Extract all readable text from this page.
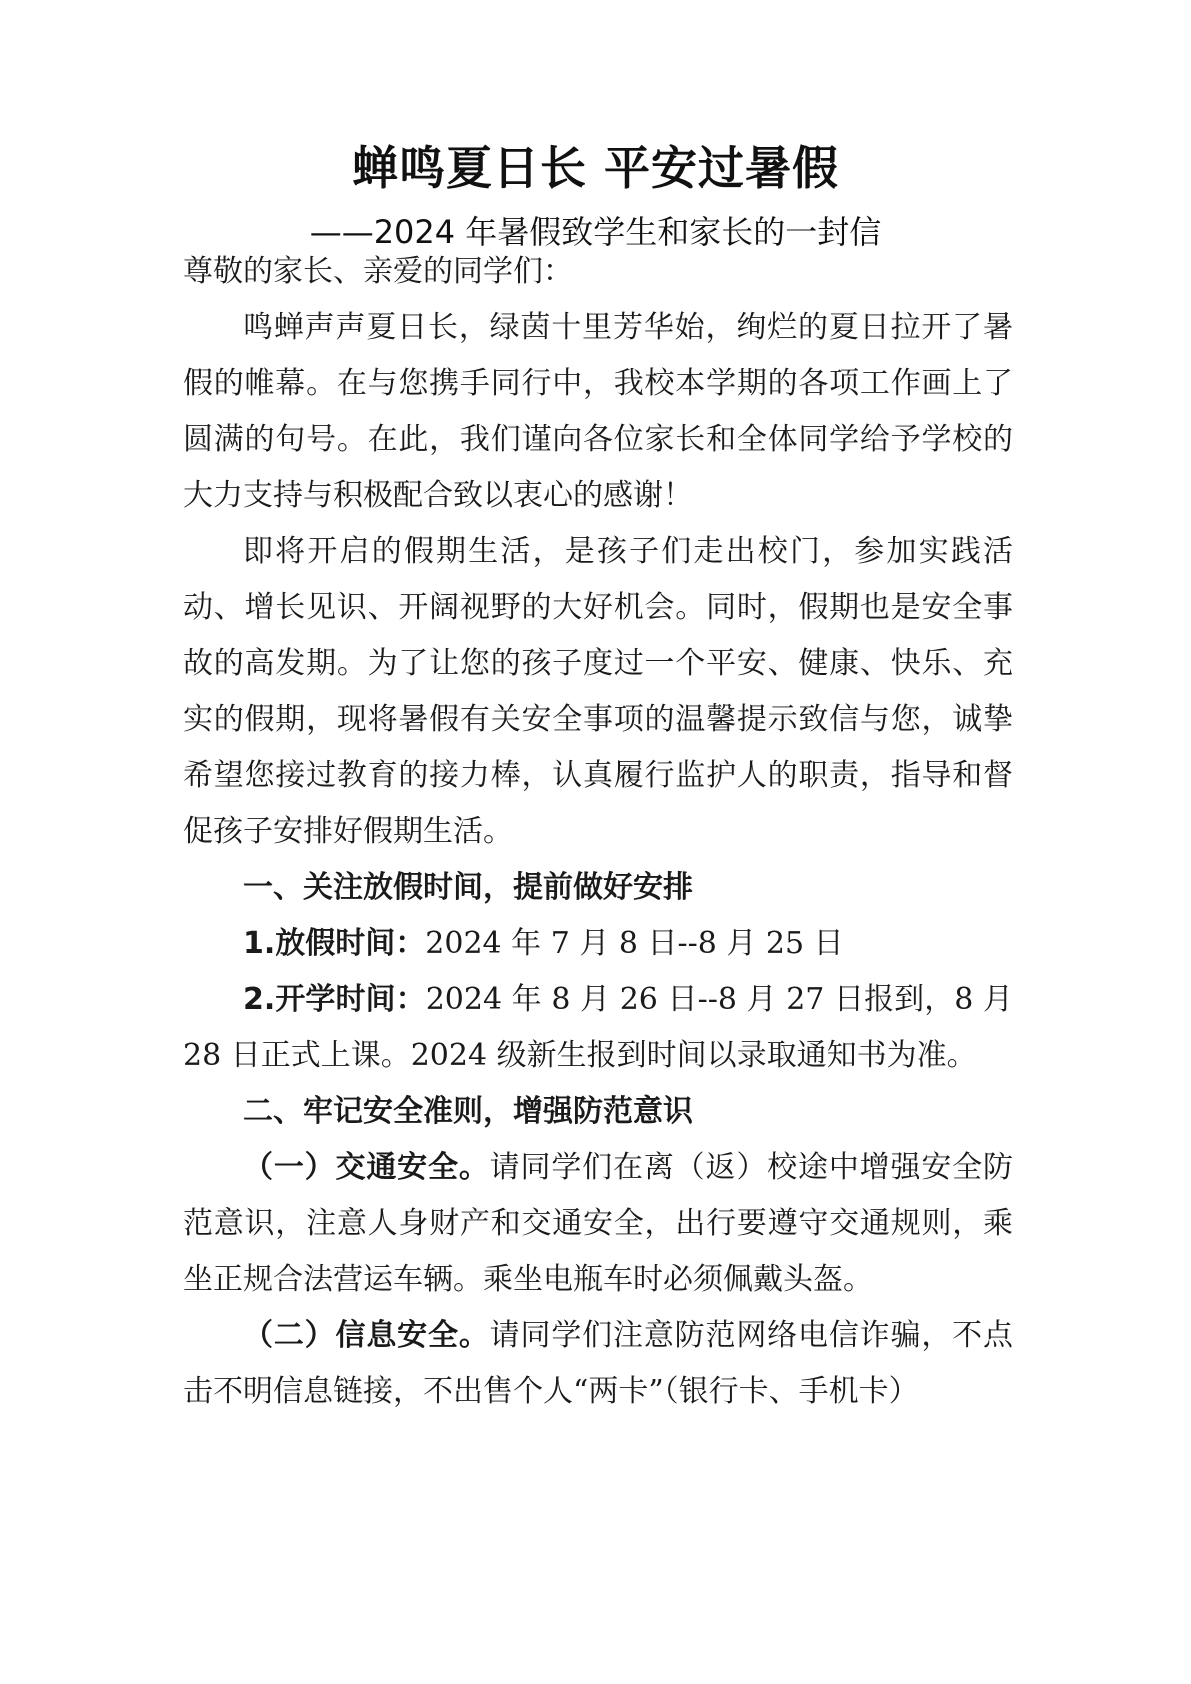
蝉鸣夏日长 平安过暑假
——2024 年暑假致学生和家长的一封信

尊敬的家长、亲爱的同学们：

鸣蝉声声夏日长，绿茵十里芳华始，绚烂的夏日拉开了暑假的帷幕。在与您携手同行中，我校本学期的各项工作画上了圆满的句号。在此，我们谨向各位家长和全体同学给予学校的大力支持与积极配合致以衷心的感谢！

即将开启的假期生活，是孩子们走出校门，参加实践活动、增长见识、开阔视野的大好机会。同时，假期也是安全事故的高发期。为了让您的孩子度过一个平安、健康、快乐、充实的假期，现将暑假有关安全事项的温馨提示致信与您，诚挚希望您接过教育的接力棒，认真履行监护人的职责，指导和督促孩子安排好假期生活。

一、关注放假时间，提前做好安排

1.放假时间：2024 年 7 月 8 日--8 月 25 日

2.开学时间：2024 年 8 月 26 日--8 月 27 日报到，8 月 28 日正式上课。2024 级新生报到时间以录取通知书为准。

二、牢记安全准则，增强防范意识

（一）交通安全。请同学们在离（返）校途中增强安全防范意识，注意人身财产和交通安全，出行要遵守交通规则，乘坐正规合法营运车辆。乘坐电瓶车时必须佩戴头盔。

（二）信息安全。请同学们注意防范网络电信诈骗，不点击不明信息链接，不出售个人“两卡”（银行卡、手机卡）
